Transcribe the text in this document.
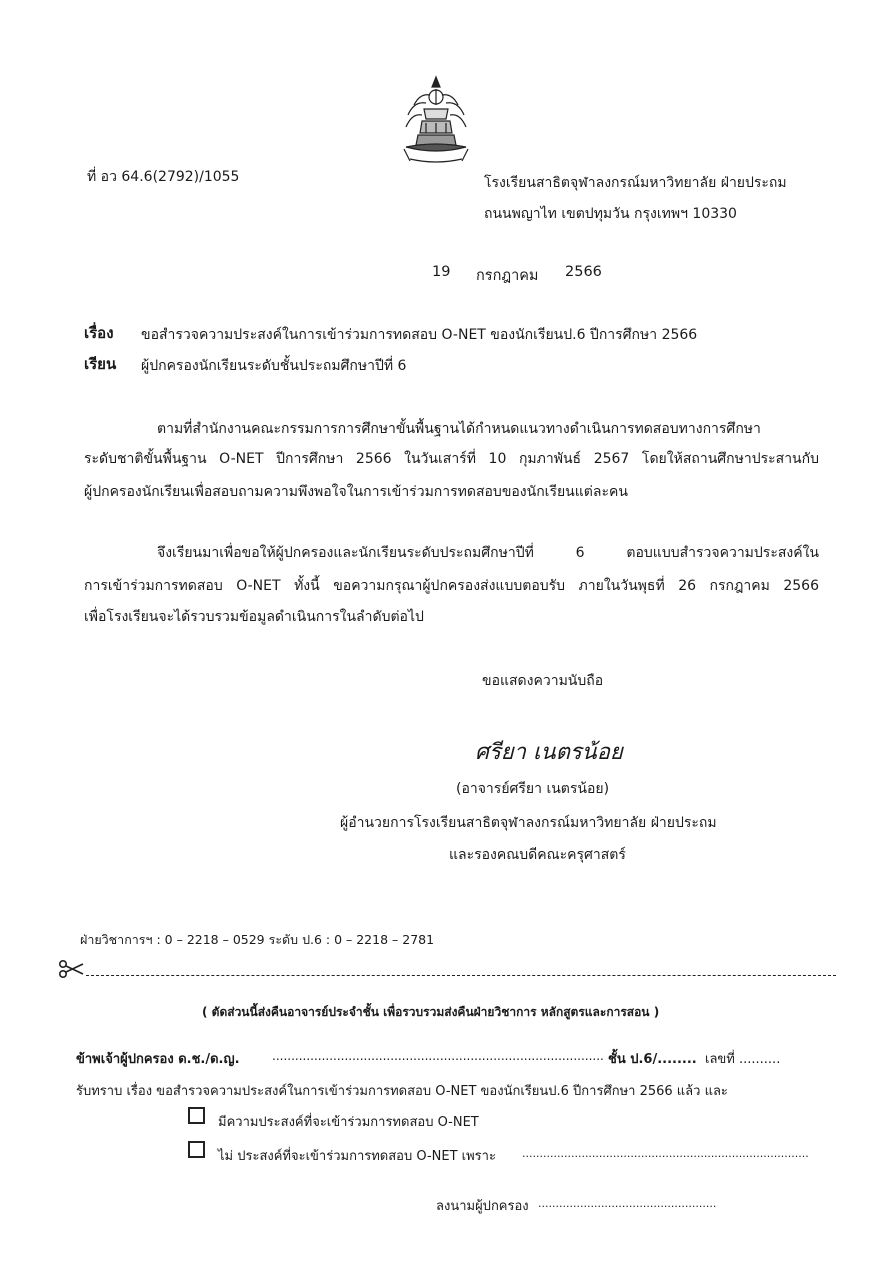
ที่ อว 64.6(2792)/1055	โรงเรียนสาธิตจุฬาลงกรณ์มหาวิทยาลัย ฝ่ายประถม
ถนนพญาไท เขตปทุมวัน กรุงเทพฯ 10330
19 กรกฎาคม 2566
เรื่อง ขอสำรวจความประสงค์ในการเข้าร่วมการทดสอบ O-NET ของนักเรียนป.6 ปีการศึกษา 2566
เรียน ผู้ปกครองนักเรียนระดับชั้นประถมศึกษาปีที่ 6
ตามที่สำนักงานคณะกรรมการการศึกษาขั้นพื้นฐานได้กำหนดแนวทางดำเนินการทดสอบทางการศึกษา
ระดับชาติขั้นพื้นฐาน O-NET ปีการศึกษา 2566 ในวันเสาร์ที่ 10 กุมภาพันธ์ 2567 โดยให้สถานศึกษาประสานกับ
ผู้ปกครองนักเรียนเพื่อสอบถามความพึงพอใจในการเข้าร่วมการทดสอบของนักเรียนแต่ละคน
จึงเรียนมาเพื่อขอให้ผู้ปกครองและนักเรียนระดับประถมศึกษาปีที่ 6 ตอบแบบสำรวจความประสงค์ใน
การเข้าร่วมการทดสอบ O-NET ทั้งนี้ ขอความกรุณาผู้ปกครองส่งแบบตอบรับ ภายในวันพุธที่ 26 กรกฎาคม 2566
เพื่อโรงเรียนจะได้รวบรวมข้อมูลดำเนินการในลำดับต่อไป
ขอแสดงความนับถือ
ศรียา เนตรน้อย
(อาจารย์ศรียา เนตรน้อย)
ผู้อำนวยการโรงเรียนสาธิตจุฬาลงกรณ์มหาวิทยาลัย ฝ่ายประถม
และรองคณบดีคณะครุศาสตร์
ฝ่ายวิชาการฯ : 0 – 2218 – 0529 ระดับ ป.6 : 0 – 2218 – 2781
( ตัดส่วนนี้ส่งคืนอาจารย์ประจำชั้น เพื่อรวบรวมส่งคืนฝ่ายวิชาการ หลักสูตรและการสอน )
ข้าพเจ้าผู้ปกครอง ด.ช./ด.ญ.	....................................................................................... ชั้น ป.6/........ เลขที่ ..........
รับทราบ เรื่อง ขอสำรวจความประสงค์ในการเข้าร่วมการทดสอบ O-NET ของนักเรียนป.6 ปีการศึกษา 2566 แล้ว และ
มีความประสงค์ที่จะเข้าร่วมการทดสอบ O-NET
ไม่ ประสงค์ที่จะเข้าร่วมการทดสอบ O-NET เพราะ ..................................................................................
ลงนามผู้ปกครอง ...................................................
